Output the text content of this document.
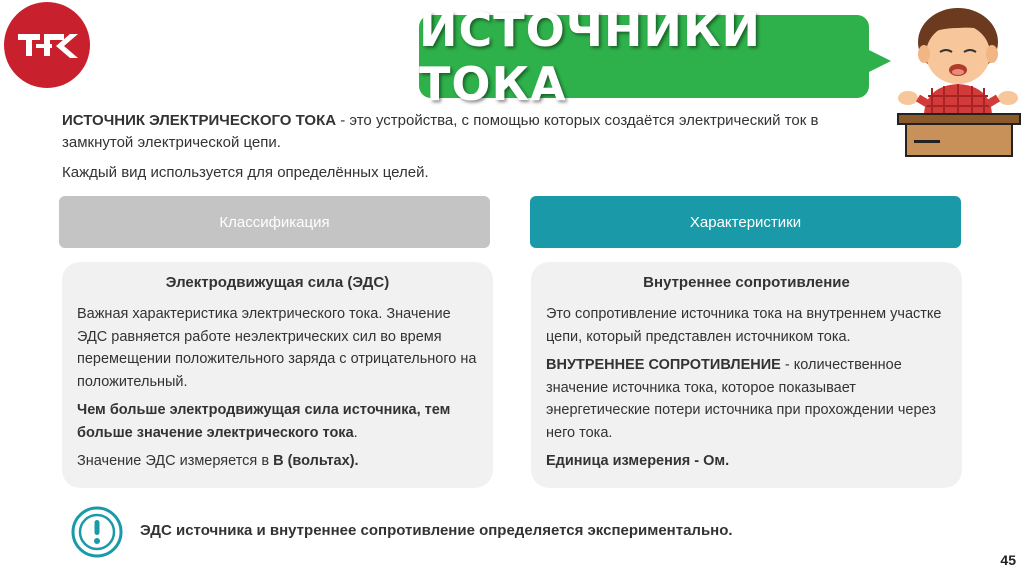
ИСТОЧНИКИ ТОКА
ИСТОЧНИК ЭЛЕКТРИЧЕСКОГО ТОКА - это устройства, с помощью которых создаётся электрический ток в замкнутой электрической цепи.
Каждый вид используется для определённых целей.
Классификация	Характеристики
Электродвижущая сила (ЭДС)

Важная характеристика электрического тока. Значение ЭДС равняется работе неэлектрических сил во время перемещении положительного заряда с отрицательного на положительный.

Чем больше электродвижущая сила источника, тем больше значение электрического тока.

Значение ЭДС измеряется в В (вольтах).

Внутреннее сопротивление

Это сопротивление источника тока на внутреннем участке цепи, который представлен источником тока.

ВНУТРЕННЕЕ СОПРОТИВЛЕНИЕ - количественное значение источника тока, которое показывает энергетические потери источника при прохождении через него тока.

Единица измерения - Ом.

ЭДС источника и внутреннее сопротивление определяется экспериментально.
45
